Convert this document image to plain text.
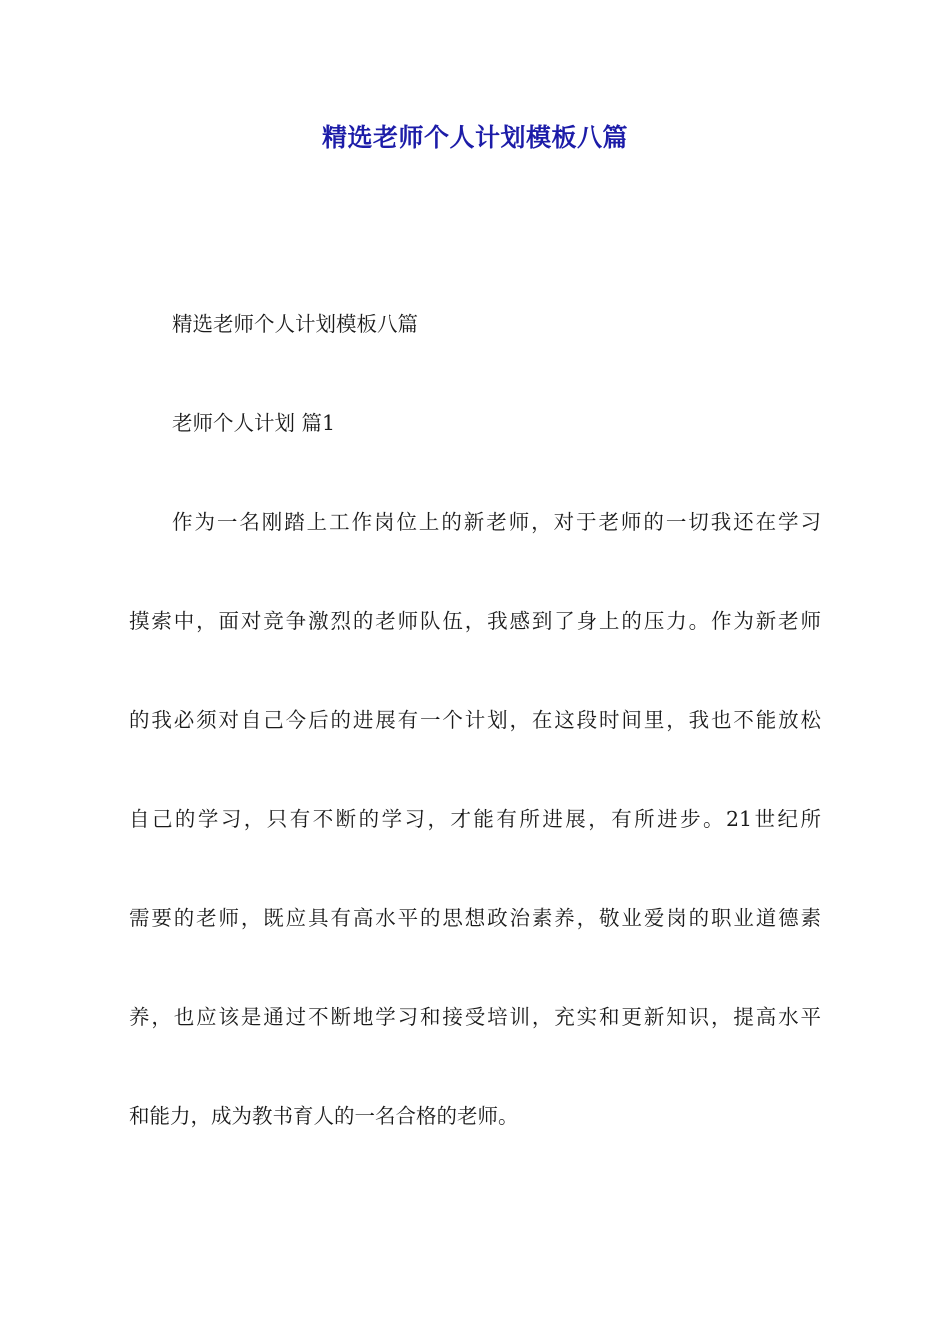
精选老师个人计划模板八篇
精选老师个人计划模板八篇
老师个人计划 篇1
作为一名刚踏上工作岗位上的新老师，对于老师的一切我还在学习
摸索中，面对竞争激烈的老师队伍，我感到了身上的压力。作为新老师
的我必须对自己今后的进展有一个计划，在这段时间里，我也不能放松
自己的学习，只有不断的学习，才能有所进展，有所进步。21世纪所
需要的老师，既应具有高水平的思想政治素养，敬业爱岗的职业道德素
养，也应该是通过不断地学习和接受培训，充实和更新知识，提高水平
和能力，成为教书育人的一名合格的老师。
